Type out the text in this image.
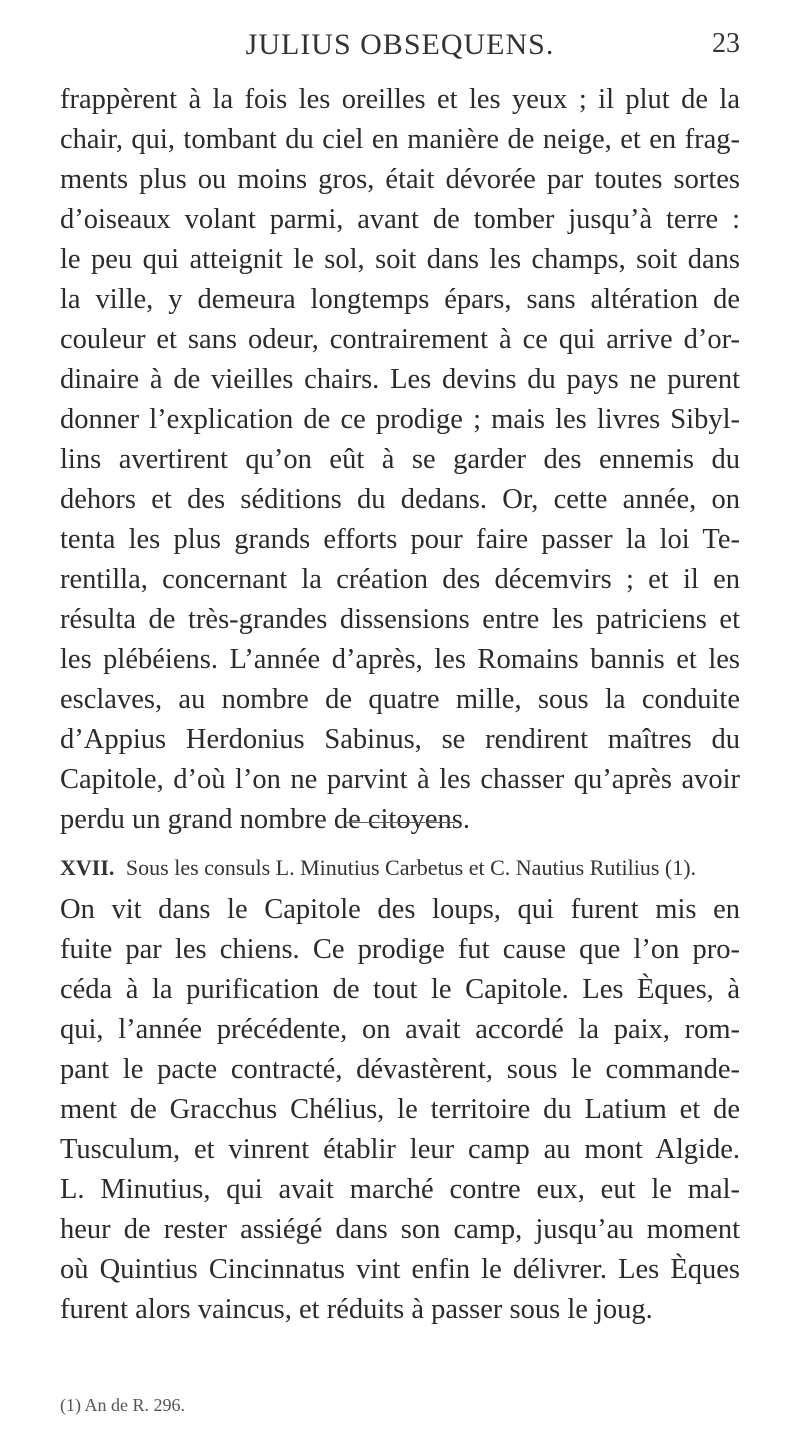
JULIUS OBSEQUENS.	23
frappèrent à la fois les oreilles et les yeux ; il plut de la
chair, qui, tombant du ciel en manière de neige, et en frag-
ments plus ou moins gros, était dévorée par toutes sortes
d’oiseaux volant parmi, avant de tomber jusqu’à terre :
le peu qui atteignit le sol, soit dans les champs, soit dans
la ville, y demeura longtemps épars, sans altération de
couleur et sans odeur, contrairement à ce qui arrive d’or-
dinaire à de vieilles chairs. Les devins du pays ne purent
donner l’explication de ce prodige ; mais les livres Sibyl-
lins avertirent qu’on eût à se garder des ennemis du
dehors et des séditions du dedans. Or, cette année, on
tenta les plus grands efforts pour faire passer la loi Te-
rentilla, concernant la création des décemvirs ; et il en
résulta de très-grandes dissensions entre les patriciens et
les plébéiens. L’année d’après, les Romains bannis et les
esclaves, au nombre de quatre mille, sous la conduite
d’Appius Herdonius Sabinus, se rendirent maîtres du
Capitole, d’où l’on ne parvint à les chasser qu’après avoir
perdu un grand nombre de citoyens.
XVII. Sous les consuls L. Minutius Carbetus et C. Nautius Rutilius (1).
On vit dans le Capitole des loups, qui furent mis en
fuite par les chiens. Ce prodige fut cause que l’on pro-
céda à la purification de tout le Capitole. Les Èques, à
qui, l’année précédente, on avait accordé la paix, rom-
pant le pacte contracté, dévastèrent, sous le commande-
ment de Gracchus Chélius, le territoire du Latium et de
Tusculum, et vinrent établir leur camp au mont Algide.
L. Minutius, qui avait marché contre eux, eut le mal-
heur de rester assiégé dans son camp, jusqu’au moment
où Quintius Cincinnatus vint enfin le délivrer. Les Èques
furent alors vaincus, et réduits à passer sous le joug.
(1) An de R. 296.
